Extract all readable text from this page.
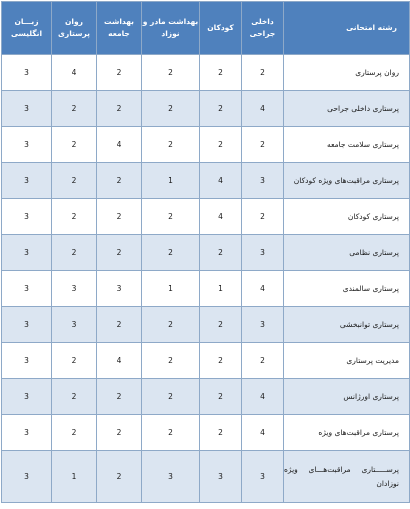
رشته امتحانی	داخلی جراحی	کودکان	بهداشت مادر و نوزاد	بهداشت جامعه	روان پرستاری	زبـــان انگلیسی
روان پرستاری	2	2	2	2	4	3
پرستاری داخلی جراحی	4	2	2	2	2	3
پرستاری سلامت جامعه	2	2	2	4	2	3
پرستاری مراقبت‌های ویژه کودکان	3	4	1	2	2	3
پرستاری کودکان	2	4	2	2	2	3
پرستاری نظامی	3	2	2	2	2	3
پرستاری سالمندی	4	1	1	3	3	3
پرستاری توانبخشی	3	2	2	2	3	3
مدیریت پرستاری	2	2	2	4	2	3
پرستاری اورژانس	4	2	2	2	2	3
پرستاری مراقبت‌های ویژه	4	2	2	2	2	3
پرســـــتاری مراقبت‌هـــای ویژه نوزادان	3	3	3	2	1	3
